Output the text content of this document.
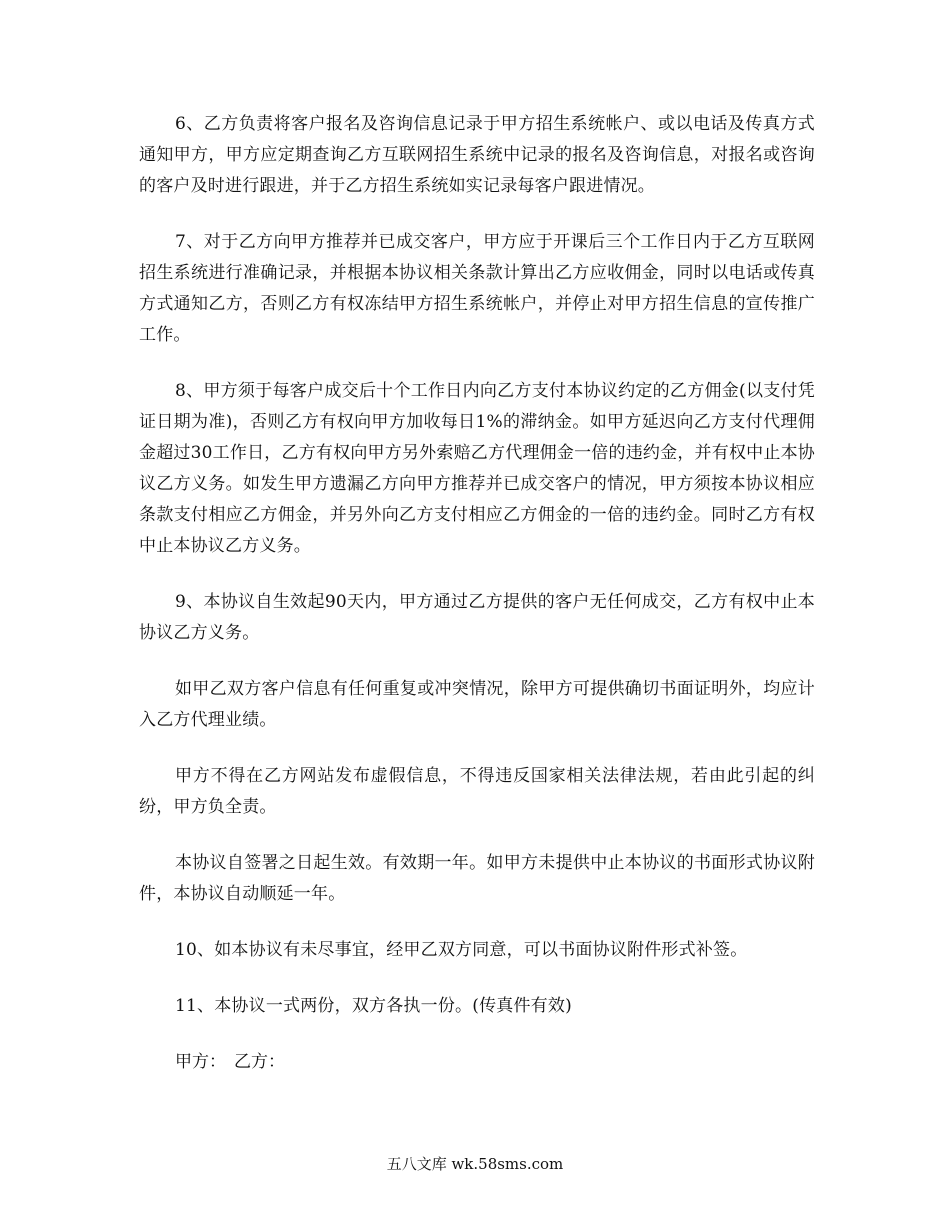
6、乙方负责将客户报名及咨询信息记录于甲方招生系统帐户、或以电话及传真方式通知甲方，甲方应定期查询乙方互联网招生系统中记录的报名及咨询信息，对报名或咨询的客户及时进行跟进，并于乙方招生系统如实记录每客户跟进情况。

7、对于乙方向甲方推荐并已成交客户，甲方应于开课后三个工作日内于乙方互联网招生系统进行准确记录，并根据本协议相关条款计算出乙方应收佣金，同时以电话或传真方式通知乙方，否则乙方有权冻结甲方招生系统帐户，并停止对甲方招生信息的宣传推广工作。

8、甲方须于每客户成交后十个工作日内向乙方支付本协议约定的乙方佣金(以支付凭证日期为准)，否则乙方有权向甲方加收每日1%的滞纳金。如甲方延迟向乙方支付代理佣金超过30工作日，乙方有权向甲方另外索赔乙方代理佣金一倍的违约金，并有权中止本协议乙方义务。如发生甲方遗漏乙方向甲方推荐并已成交客户的情况，甲方须按本协议相应条款支付相应乙方佣金，并另外向乙方支付相应乙方佣金的一倍的违约金。同时乙方有权中止本协议乙方义务。

9、本协议自生效起90天内，甲方通过乙方提供的客户无任何成交，乙方有权中止本协议乙方义务。

如甲乙双方客户信息有任何重复或冲突情况，除甲方可提供确切书面证明外，均应计入乙方代理业绩。

甲方不得在乙方网站发布虚假信息，不得违反国家相关法律法规，若由此引起的纠纷，甲方负全责。

本协议自签署之日起生效。有效期一年。如甲方未提供中止本协议的书面形式协议附件，本协议自动顺延一年。

10、如本协议有未尽事宜，经甲乙双方同意，可以书面协议附件形式补签。

11、本协议一式两份，双方各执一份。(传真件有效)

甲方： 乙方：

五八文库 wk.58sms.com
